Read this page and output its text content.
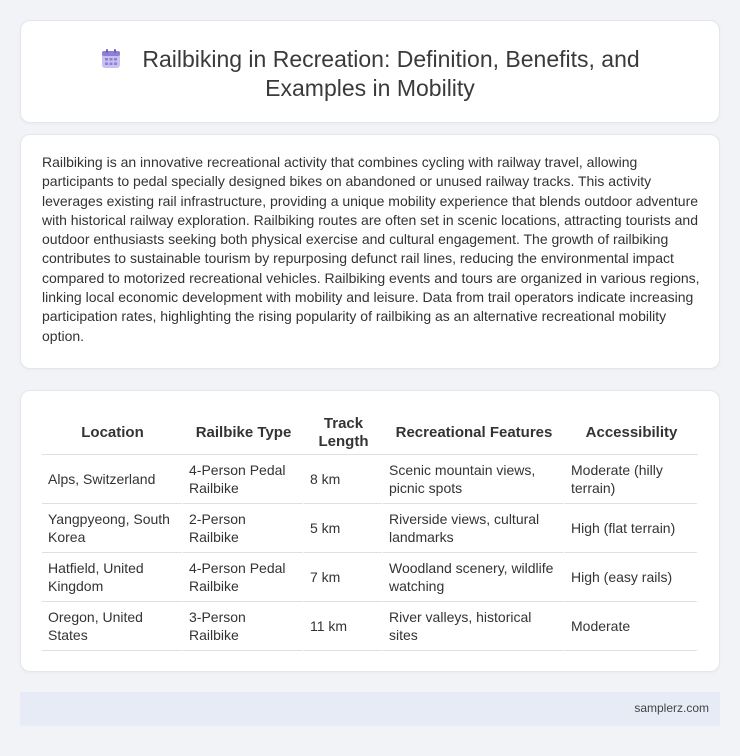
Railbiking in Recreation: Definition, Benefits, and
Examples in Mobility

Railbiking is an innovative recreational activity that combines cycling with railway travel, allowing participants to pedal specially designed bikes on abandoned or unused railway tracks. This activity leverages existing rail infrastructure, providing a unique mobility experience that blends outdoor adventure with historical railway exploration. Railbiking routes are often set in scenic locations, attracting tourists and outdoor enthusiasts seeking both physical exercise and cultural engagement. The growth of railbiking contributes to sustainable tourism by repurposing defunct rail lines, reducing the environmental impact compared to motorized recreational vehicles. Railbiking events and tours are organized in various regions, linking local economic development with mobility and leisure. Data from trail operators indicate increasing participation rates, highlighting the rising popularity of railbiking as an alternative recreational mobility option.

Location	Railbike Type	Track Length	Recreational Features	Accessibility
Alps, Switzerland	4-Person Pedal Railbike	8 km	Scenic mountain views, picnic spots	Moderate (hilly terrain)
Yangpyeong, South Korea	2-Person Railbike	5 km	Riverside views, cultural landmarks	High (flat terrain)
Hatfield, United Kingdom	4-Person Pedal Railbike	7 km	Woodland scenery, wildlife watching	High (easy rails)
Oregon, United States	3-Person Railbike	11 km	River valleys, historical sites	Moderate
samplerz.com
